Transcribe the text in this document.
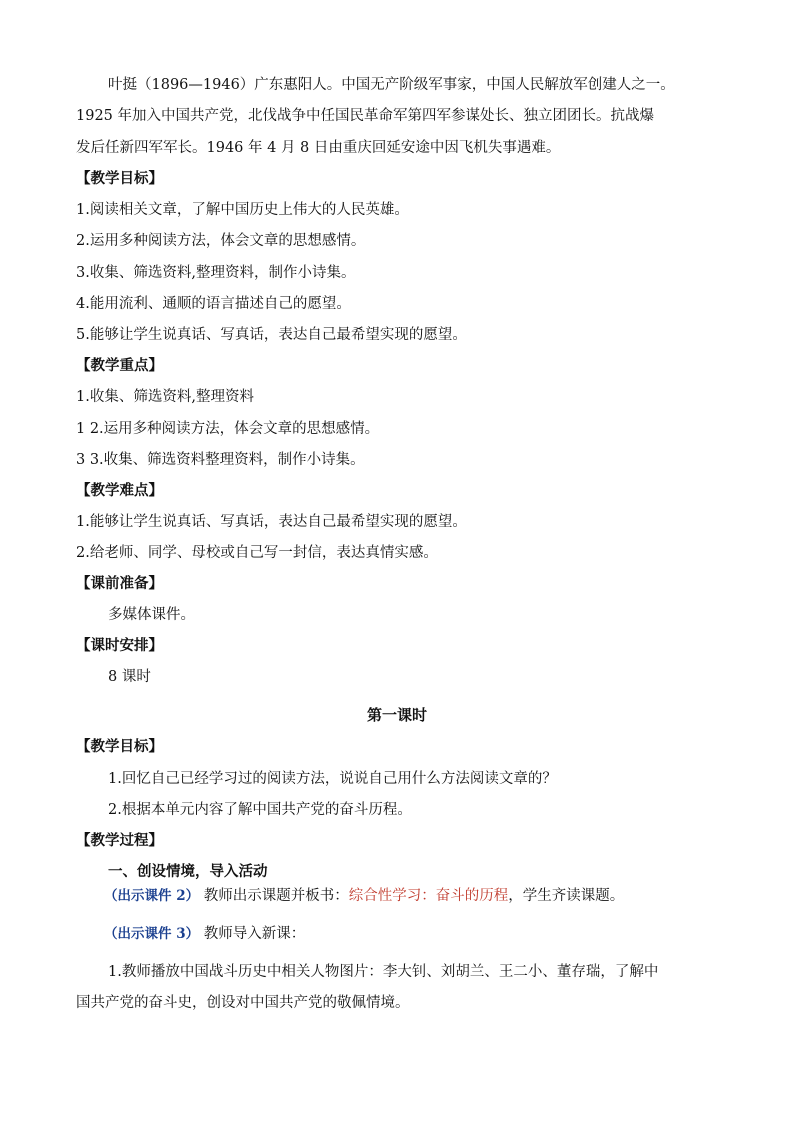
叶挺（1896—1946）广东惠阳人。中国无产阶级军事家，中国人民解放军创建人之一。
1925 年加入中国共产党，北伐战争中任国民革命军第四军参谋处长、独立团团长。抗战爆
发后任新四军军长。1946 年 4 月 8 日由重庆回延安途中因飞机失事遇难。
【教学目标】
1.阅读相关文章，了解中国历史上伟大的人民英雄。
2.运用多种阅读方法，体会文章的思想感情。
3.收集、筛选资料,整理资料，制作小诗集。
4.能用流利、通顺的语言描述自己的愿望。
5.能够让学生说真话、写真话，表达自己最希望实现的愿望。
【教学重点】
1.收集、筛选资料,整理资料
1 2.运用多种阅读方法，体会文章的思想感情。
3 3.收集、筛选资料整理资料，制作小诗集。
【教学难点】
1.能够让学生说真话、写真话，表达自己最希望实现的愿望。
2.给老师、同学、母校或自己写一封信，表达真情实感。
【课前准备】
多媒体课件。
【课时安排】
8 课时
第一课时
【教学目标】
1.回忆自己已经学习过的阅读方法，说说自己用什么方法阅读文章的？
2.根据本单元内容了解中国共产党的奋斗历程。
【教学过程】
一、创设情境，导入活动
（出示课件 2） 教师出示课题并板书：综合性学习：奋斗的历程，学生齐读课题。
（出示课件 3） 教师导入新课：
1.教师播放中国战斗历史中相关人物图片：李大钊、刘胡兰、王二小、董存瑞，了解中
国共产党的奋斗史，创设对中国共产党的敬佩情境。
